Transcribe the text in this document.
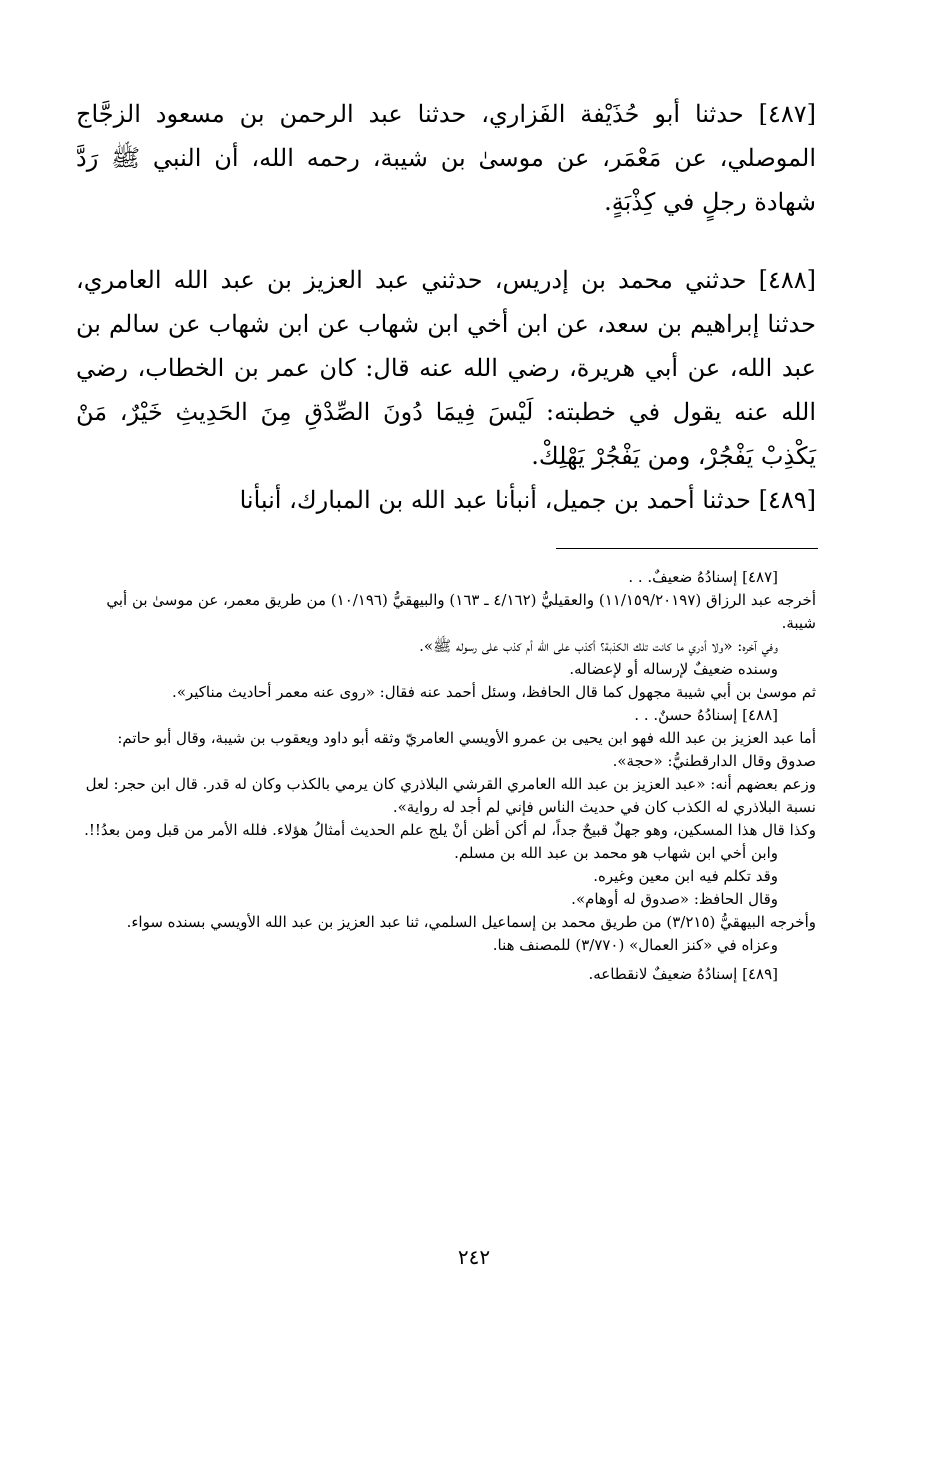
[٤٨٧] حدثنا أبو حُذَيْفة الفَزاري، حدثنا عبد الرحمن بن مسعود الزجَّاج الموصلي، عن مَعْمَر، عن موسىٰ بن شيبة، رحمه الله، أن النبي ﷺ رَدَّ شهادة رجلٍ في كِذْبَةٍ.
[٤٨٨] حدثني محمد بن إدريس، حدثني عبد العزيز بن عبد الله العامري، حدثنا إبراهيم بن سعد، عن ابن أخي ابن شهاب عن ابن شهاب عن سالم بن عبد الله، عن أبي هريرة، رضي الله عنه قال: كان عمر بن الخطاب، رضي الله عنه يقول في خطبته: لَيْسَ فِيمَا دُونَ الصِّدْقِ مِنَ الحَدِيثِ خَيْرٌ، مَنْ يَكْذِبْ يَفْجُرْ، ومن يَفْجُرْ يَهْلِكْ.
[٤٨٩] حدثنا أحمد بن جميل، أنبأنا عبد الله بن المبارك، أنبأنا

[٤٨٧] إسنادُهُ ضعيفٌ. . .

أخرجه عبد الرزاق (١١/١٥٩/٢٠١٩٧) والعقيليُّ (٤/١٦٢ ـ ١٦٣) والبيهقيُّ (١٠/١٩٦) من طريق معمر، عن موسىٰ بن أبي شيبة.

وفي آخره: «ولا أدري ما كانت تلك الكذبة؟ أكذب على الله أم كذب على رسوله ﷺ».

وسنده ضعيفٌ لإرساله أو لإعضاله.

ثم موسىٰ بن أبي شيبة مجهول كما قال الحافظ، وسئل أحمد عنه فقال: «روى عنه معمر أحاديث مناكير».

[٤٨٨] إسنادُهُ حسنٌ. . .

أما عبد العزيز بن عبد الله فهو ابن يحيى بن عمرو الأويسي العامريّ وثقه أبو داود ويعقوب بن شيبة، وقال أبو حاتم: صدوق وقال الدارقطنيُّ: «حجة».

وزعم بعضهم أنه: «عبد العزيز بن عبد الله العامري القرشي البلاذري كان يرمي بالكذب وكان له قدر. قال ابن حجر: لعل نسبة البلاذري له الكذب كان في حديث الناس فإني لم أجد له رواية».

وكذا قال هذا المسكين، وهو جهلٌ قبيحٌ جداً، لم أكن أظن أنْ يلج علم الحديث أمثالُ هؤلاء. فلله الأمر من قبل ومن بعدُ!!.

وابن أخي ابن شهاب هو محمد بن عبد الله بن مسلم.

وقد تكلم فيه ابن معين وغيره.

وقال الحافظ: «صدوق له أوهام».

وأخرجه البيهقيُّ (٣/٢١٥) من طريق محمد بن إسماعيل السلمي، ثنا عبد العزيز بن عبد الله الأويسي بسنده سواء.

وعزاه في «كنز العمال» (٣/٧٧٠) للمصنف هنا.

[٤٨٩] إسنادُهُ ضعيفٌ لانقطاعه.

٢٤٢
